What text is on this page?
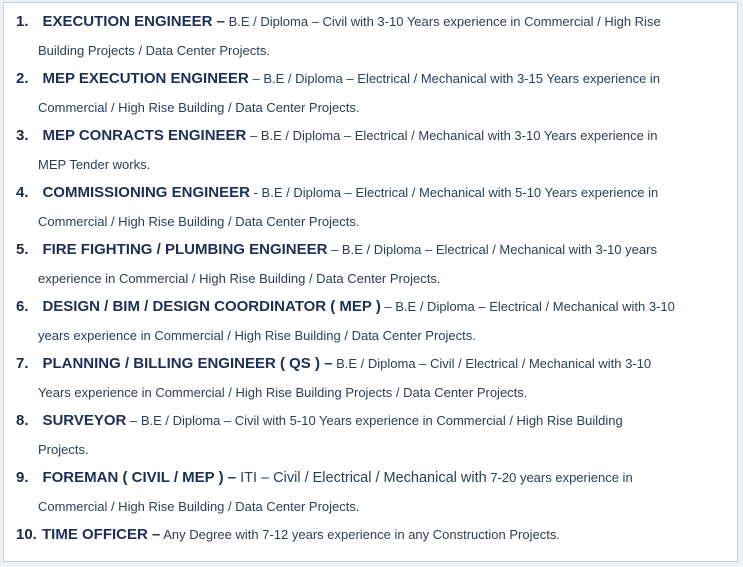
1. EXECUTION ENGINEER – B.E / Diploma – Civil with 3-10 Years experience in Commercial / High Rise
Building Projects / Data Center Projects.
2. MEP EXECUTION ENGINEER – B.E / Diploma – Electrical / Mechanical with 3-15 Years experience in
Commercial / High Rise Building / Data Center Projects.
3. MEP CONRACTS ENGINEER – B.E / Diploma – Electrical / Mechanical with 3-10 Years experience in
MEP Tender works.
4. COMMISSIONING ENGINEER - B.E / Diploma – Electrical / Mechanical with 5-10 Years experience in
Commercial / High Rise Building / Data Center Projects.
5. FIRE FIGHTING / PLUMBING ENGINEER – B.E / Diploma – Electrical / Mechanical with 3-10 years
experience in Commercial / High Rise Building / Data Center Projects.
6. DESIGN / BIM / DESIGN COORDINATOR ( MEP ) – B.E / Diploma – Electrical / Mechanical with 3-10
years experience in Commercial / High Rise Building / Data Center Projects.
7. PLANNING / BILLING ENGINEER ( QS ) – B.E / Diploma – Civil / Electrical / Mechanical with 3-10
Years experience in Commercial / High Rise Building Projects / Data Center Projects.
8. SURVEYOR – B.E / Diploma – Civil with 5-10 Years experience in Commercial / High Rise Building
Projects.
9. FOREMAN ( CIVIL / MEP ) – ITI – Civil / Electrical / Mechanical with 7-20 years experience in
Commercial / High Rise Building / Data Center Projects.
10. TIME OFFICER – Any Degree with 7-12 years experience in any Construction Projects.
